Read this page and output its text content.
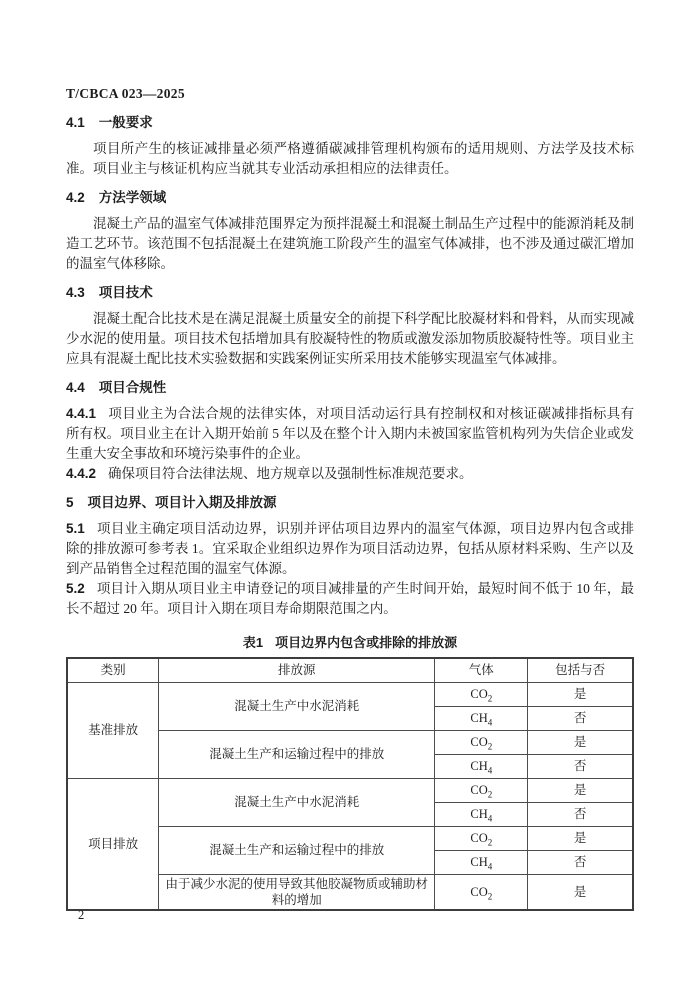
T/CBCA 023—2025
4.1 一般要求

项目所产生的核证减排量必须严格遵循碳减排管理机构颁布的适用规则、方法学及技术标准。项目业主与核证机构应当就其专业活动承担相应的法律责任。

4.2 方法学领域

混凝土产品的温室气体减排范围界定为预拌混凝土和混凝土制品生产过程中的能源消耗及制造工艺环节。该范围不包括混凝土在建筑施工阶段产生的温室气体减排，也不涉及通过碳汇增加的温室气体移除。

4.3 项目技术

混凝土配合比技术是在满足混凝土质量安全的前提下科学配比胶凝材料和骨料，从而实现减少水泥的使用量。项目技术包括增加具有胶凝特性的物质或激发添加物质胶凝特性等。项目业主应具有混凝土配比技术实验数据和实践案例证实所采用技术能够实现温室气体减排。

4.4 项目合规性

4.4.1 项目业主为合法合规的法律实体，对项目活动运行具有控制权和对核证碳减排指标具有所有权。项目业主在计入期开始前 5 年以及在整个计入期内未被国家监管机构列为失信企业或发生重大安全事故和环境污染事件的企业。

4.4.2 确保项目符合法律法规、地方规章以及强制性标准规范要求。

5 项目边界、项目计入期及排放源

5.1 项目业主确定项目活动边界，识别并评估项目边界内的温室气体源，项目边界内包含或排除的排放源可参考表 1。宜采取企业组织边界作为项目活动边界，包括从原材料采购、生产以及到产品销售全过程范围的温室气体源。

5.2 项目计入期从项目业主申请登记的项目减排量的产生时间开始，最短时间不低于 10 年，最长不超过 20 年。项目计入期在项目寿命期限范围之内。

表1 项目边界内包含或排除的排放源
类别	排放源	气体	包括与否
基准排放	混凝土生产中水泥消耗	$CO_2$	是
		$CH_4$	否
	混凝土生产和运输过程中的排放	$CO_2$	是
		$CH_4$	否
项目排放	混凝土生产中水泥消耗	$CO_2$	是
		$CH_4$	否
	混凝土生产和运输过程中的排放	$CO_2$	是
		$CH_4$	否
	由于减少水泥的使用导致其他胶凝物质或辅助材料的增加	$CO_2$	是
2
